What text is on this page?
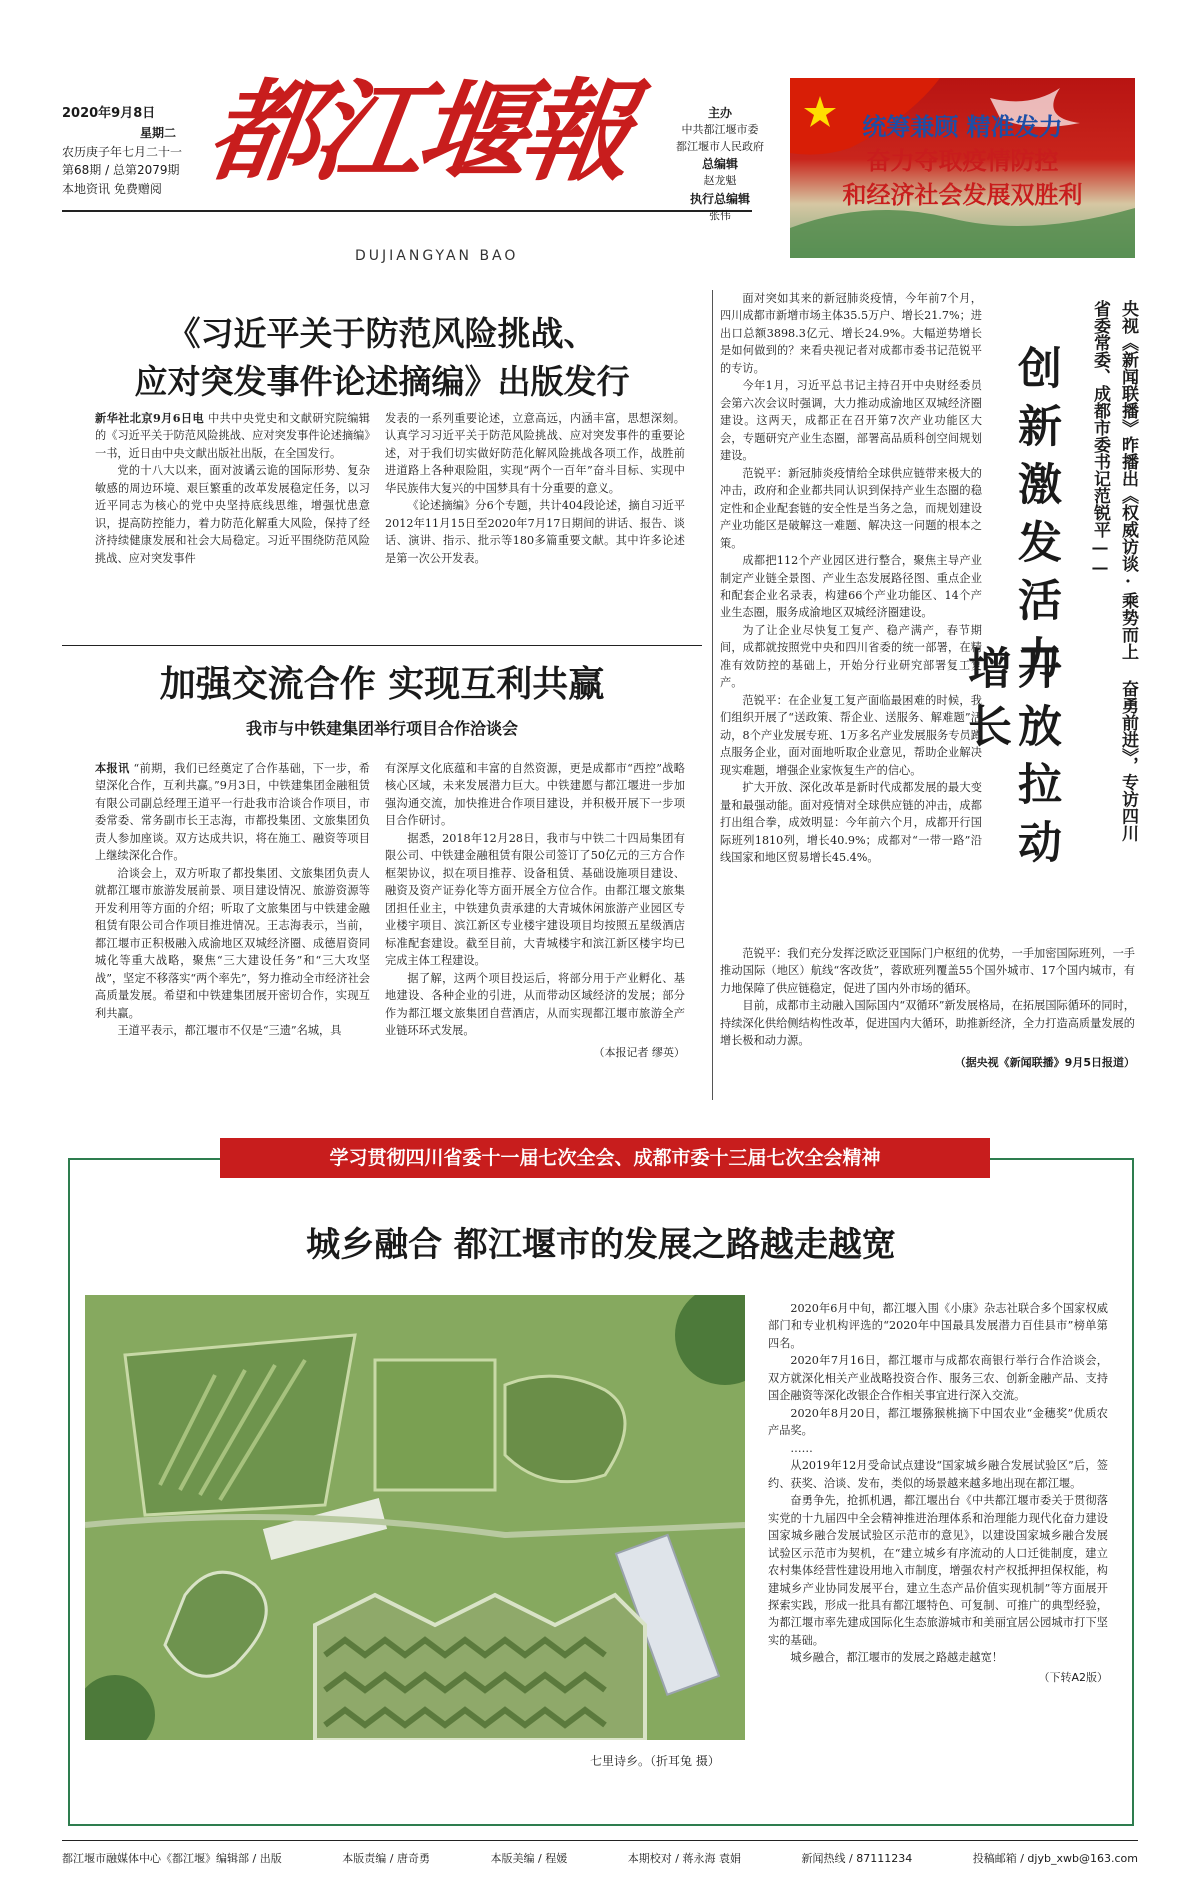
2020年9月8日
星期二
农历庚子年七月二十一
第68期 / 总第2079期
本地资讯 免费赠阅 都江堰報
DUJIANGYAN BAO
主办
中共都江堰市委
都江堰市人民政府
总编辑
赵龙魁
执行总编辑
张伟
统筹兼顾 精准发力
奋力夺取疫情防控
和经济社会发展双胜利
《习近平关于防范风险挑战、
应对突发事件论述摘编》出版发行

新华社北京9月6日电 中共中央党史和文献研究院编辑的《习近平关于防范风险挑战、应对突发事件论述摘编》一书，近日由中央文献出版社出版，在全国发行。

党的十八大以来，面对波谲云诡的国际形势、复杂敏感的周边环境、艰巨繁重的改革发展稳定任务，以习近平同志为核心的党中央坚持底线思维，增强忧患意识，提高防控能力，着力防范化解重大风险，保持了经济持续健康发展和社会大局稳定。习近平围绕防范风险挑战、应对突发事件

发表的一系列重要论述，立意高远，内涵丰富，思想深刻。认真学习习近平关于防范风险挑战、应对突发事件的重要论述，对于我们切实做好防范化解风险挑战各项工作，战胜前进道路上各种艰险阻，实现“两个一百年”奋斗目标、实现中华民族伟大复兴的中国梦具有十分重要的意义。

《论述摘编》分6个专题，共计404段论述，摘自习近平2012年11月15日至2020年7月17日期间的讲话、报告、谈话、演讲、指示、批示等180多篇重要文献。其中许多论述是第一次公开发表。

加强交流合作 实现互利共赢
我市与中铁建集团举行项目合作洽谈会

本报讯 “前期，我们已经奠定了合作基础，下一步，希望深化合作，互利共赢。”9月3日，中铁建集团金融租赁有限公司副总经理王道平一行赴我市洽谈合作项目，市委常委、常务副市长王志海，市都投集团、文旅集团负责人参加座谈。双方达成共识，将在施工、融资等项目上继续深化合作。

洽谈会上，双方听取了都投集团、文旅集团负责人就都江堰市旅游发展前景、项目建设情况、旅游资源等开发利用等方面的介绍；听取了文旅集团与中铁建金融租赁有限公司合作项目推进情况。王志海表示，当前，都江堰市正积极融入成渝地区双城经济圈、成德眉资同城化等重大战略，聚焦“三大建设任务”和“三大攻坚战”，坚定不移落实“两个率先”，努力推动全市经济社会高质量发展。希望和中铁建集团展开密切合作，实现互利共赢。

王道平表示，都江堰市不仅是“三遗”名城，具

有深厚文化底蕴和丰富的自然资源，更是成都市“西控”战略核心区域，未来发展潜力巨大。中铁建愿与都江堰进一步加强沟通交流，加快推进合作项目建设，并积极开展下一步项目合作研讨。

据悉，2018年12月28日，我市与中铁二十四局集团有限公司、中铁建金融租赁有限公司签订了50亿元的三方合作框架协议，拟在项目推荐、设备租赁、基础设施项目建设、融资及资产证券化等方面开展全方位合作。由都江堰文旅集团担任业主，中铁建负责承建的大青城休闲旅游产业园区专业楼宇项目、滨江新区专业楼宇建设项目均按照五星级酒店标准配套建设。截至目前，大青城楼宇和滨江新区楼宇均已完成主体工程建设。

据了解，这两个项目投运后，将部分用于产业孵化、基地建设、各种企业的引进，从而带动区域经济的发展；部分作为都江堰文旅集团自营酒店，从而实现都江堰市旅游全产业链环环式发展。

（本报记者 缪英）
央视《新闻联播》昨播出《权威访谈·乘势而上 奋勇前进》，专访四川
省委常委、成都市委书记范锐平——
创新激发活力
开放拉动增长

面对突如其来的新冠肺炎疫情，今年前7个月，四川成都市新增市场主体35.5万户、增长21.7%；进出口总额3898.3亿元、增长24.9%。大幅逆势增长是如何做到的？来看央视记者对成都市委书记范锐平的专访。

今年1月，习近平总书记主持召开中央财经委员会第六次会议时强调，大力推动成渝地区双城经济圈建设。这两天，成都正在召开第7次产业功能区大会，专题研究产业生态圈，部署高品质科创空间规划建设。

范锐平：新冠肺炎疫情给全球供应链带来极大的冲击，政府和企业都共同认识到保持产业生态圈的稳定性和企业配套链的安全性是当务之急，而规划建设产业功能区是破解这一难题、解决这一问题的根本之策。

成都把112个产业园区进行整合，聚焦主导产业制定产业链全景图、产业生态发展路径图、重点企业和配套企业名录表，构建66个产业功能区、14个产业生态圈，服务成渝地区双城经济圈建设。

为了让企业尽快复工复产、稳产满产，春节期间，成都就按照党中央和四川省委的统一部署，在精准有效防控的基础上，开始分行业研究部署复工复产。

范锐平：在企业复工复产面临最困难的时候，我们组织开展了“送政策、帮企业、送服务、解难题”活动，8个产业发展专班、1万多名产业发展服务专员蹲点服务企业，面对面地听取企业意见，帮助企业解决现实难题，增强企业家恢复生产的信心。

扩大开放、深化改革是新时代成都发展的最大变量和最强动能。面对疫情对全球供应链的冲击，成都打出组合拳，成效明显：今年前六个月，成都开行国际班列1810列，增长40.9%；成都对“一带一路”沿线国家和地区贸易增长45.4%。

范锐平：我们充分发挥泛欧泛亚国际门户枢纽的优势，一手加密国际班列，一手推动国际（地区）航线“客改货”，蓉欧班列覆盖55个国外城市、17个国内城市，有力地保障了供应链稳定，促进了国内外市场的循环。

目前，成都市主动融入国际国内“双循环”新发展格局，在拓展国际循环的同时，持续深化供给侧结构性改革，促进国内大循环，助推新经济，全力打造高质量发展的增长极和动力源。

（据央视《新闻联播》9月5日报道）
学习贯彻四川省委十一届七次全会、成都市委十三届七次全会精神
城乡融合 都江堰市的发展之路越走越宽
七里诗乡。（折耳兔 摄）

2020年6月中旬，都江堰入围《小康》杂志社联合多个国家权威部门和专业机构评选的“2020年中国最具发展潜力百佳县市”榜单第四名。

2020年7月16日，都江堰市与成都农商银行举行合作洽谈会，双方就深化相关产业战略投资合作、服务三农、创新金融产品、支持国企融资等深化改银企合作相关事宜进行深入交流。

2020年8月20日，都江堰猕猴桃摘下中国农业“金穗奖”优质农产品奖。

……

从2019年12月受命试点建设“国家城乡融合发展试验区”后，签约、获奖、洽谈、发布，类似的场景越来越多地出现在都江堰。

奋勇争先，抢抓机遇，都江堰出台《中共都江堰市委关于贯彻落实党的十九届四中全会精神推进治理体系和治理能力现代化奋力建设国家城乡融合发展试验区示范市的意见》，以建设国家城乡融合发展试验区示范市为契机，在“建立城乡有序流动的人口迁徙制度，建立农村集体经营性建设用地入市制度，增强农村产权抵押担保权能，构建城乡产业协同发展平台，建立生态产品价值实现机制”等方面展开探索实践，形成一批具有都江堰特色、可复制、可推广的典型经验，为都江堰市率先建成国际化生态旅游城市和美丽宜居公园城市打下坚实的基础。

城乡融合，都江堰市的发展之路越走越宽！

（下转A2版）
都江堰市融媒体中心《都江堰》编辑部 / 出版	本版责编 / 唐奇勇	本版美编 / 程媛	本期校对 / 蒋永海 袁娟	新闻热线 / 87111234	投稿邮箱 / djyb_xwb@163.com
